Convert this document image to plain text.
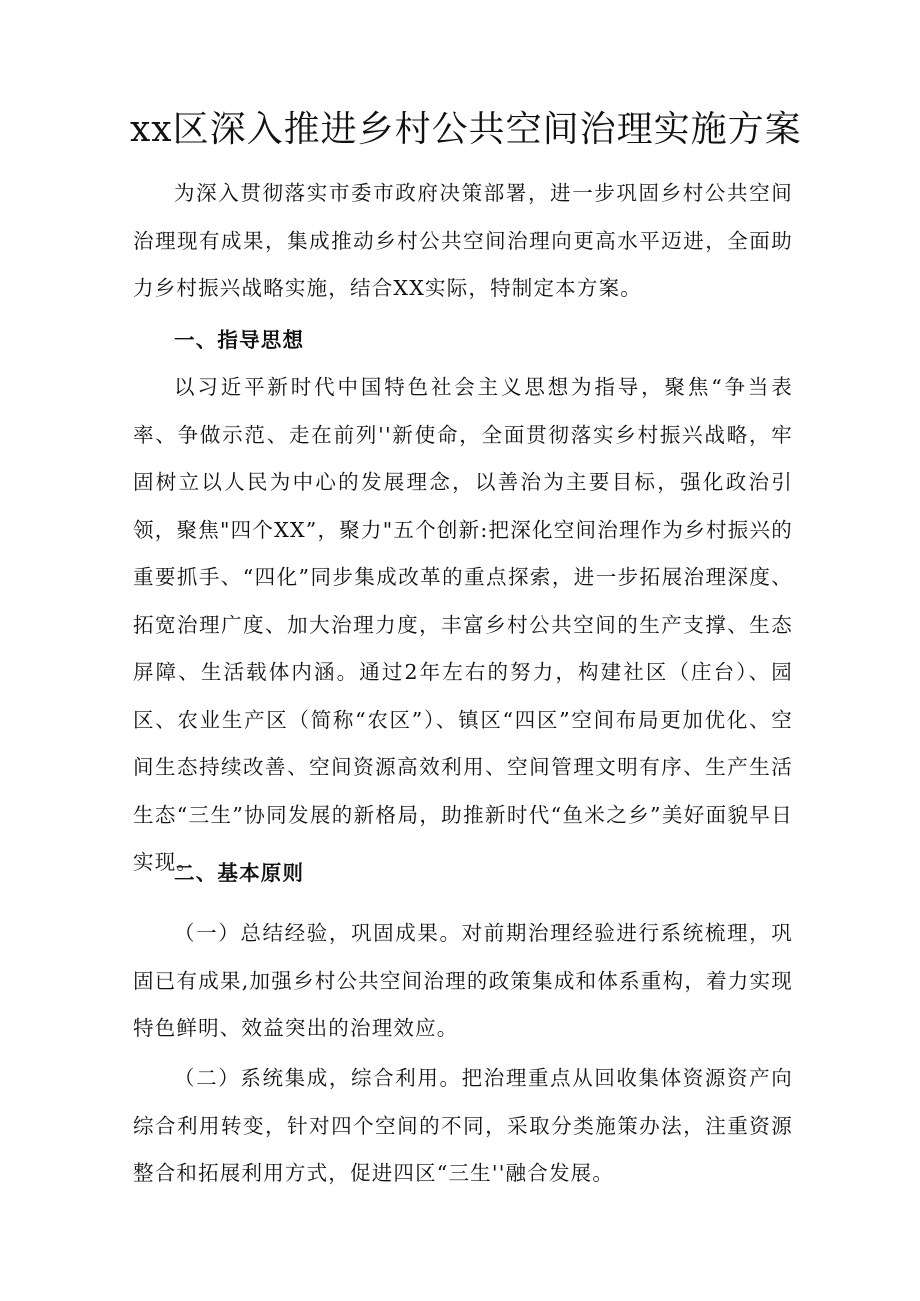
xx区深入推进乡村公共空间治理实施方案

为深入贯彻落实市委市政府决策部署，进一步巩固乡村公共空间治理现有成果，集成推动乡村公共空间治理向更高水平迈进，全面助力乡村振兴战略实施，结合XX实际，特制定本方案。

一、指导思想

以习近平新时代中国特色社会主义思想为指导，聚焦“争当表率、争做示范、走在前列''新使命，全面贯彻落实乡村振兴战略，牢固树立以人民为中心的发展理念，以善治为主要目标，强化政治引领，聚焦"四个XX”，聚力"五个创新:把深化空间治理作为乡村振兴的重要抓手、“四化”同步集成改革的重点探索，进一步拓展治理深度、拓宽治理广度、加大治理力度，丰富乡村公共空间的生产支撑、生态屏障、生活载体内涵。通过2年左右的努力，构建社区（庄台）、园区、农业生产区（简称“农区”）、镇区“四区”空间布局更加优化、空间生态持续改善、空间资源高效利用、空间管理文明有序、生产生活生态“三生”协同发展的新格局，助推新时代“鱼米之乡”美好面貌早日实现。

二、基本原则

（一）总结经验，巩固成果。对前期治理经验进行系统梳理，巩固已有成果,加强乡村公共空间治理的政策集成和体系重构，着力实现特色鲜明、效益突出的治理效应。

（二）系统集成，综合利用。把治理重点从回收集体资源资产向综合利用转变，针对四个空间的不同，采取分类施策办法，注重资源整合和拓展利用方式，促进四区“三生''融合发展。
